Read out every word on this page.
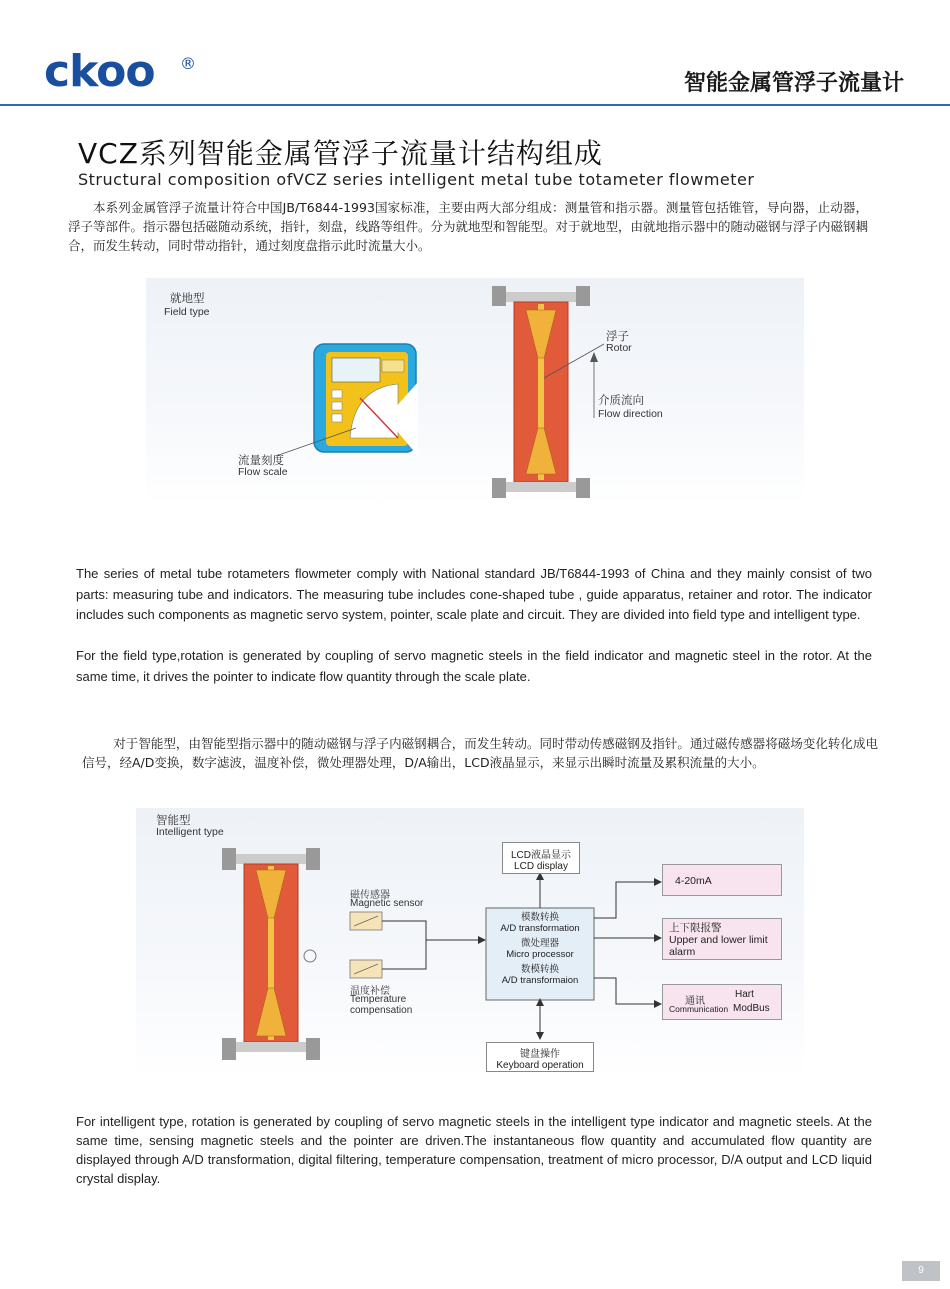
ckoo ®
智能金属管浮子流量计
VCZ系列智能金属管浮子流量计结构组成
Structural composition ofVCZ series intelligent metal tube totameter flowmeter
本系列金属管浮子流量计符合中国JB/T6844-1993国家标准，主要由两大部分组成：测量管和指示器。测量管包括锥管，导向器，止动器，浮子等部件。指示器包括磁随动系统，指针，刻盘，线路等组件。分为就地型和智能型。对于就地型，由就地指示器中的随动磁钢与浮子内磁钢耦合，而发生转动，同时带动指针，通过刻度盘指示此时流量大小。
就地型
Field type
浮子
Rotor
介质流向
Flow direction
流量刻度
Flow scale
The series of metal tube rotameters flowmeter comply with National standard JB/T6844-1993 of China and they mainly consist of two parts: measuring tube and indicators. The measuring tube includes cone-shaped tube , guide apparatus, retainer and rotor. The indicator includes such components as magnetic servo system, pointer, scale plate and circuit. They are divided into field type and intelligent type.
For the field type,rotation is generated by coupling of servo magnetic steels in the field indicator and magnetic steel in the rotor. At the same time, it drives the pointer to indicate flow quantity through the scale plate.
对于智能型，由智能型指示器中的随动磁钢与浮子内磁钢耦合，而发生转动。同时带动传感磁钢及指针。通过磁传感器将磁场变化转化成电信号，经A/D变换，数字滤波，温度补偿，微处理器处理，D/A输出，LCD液晶显示，来显示出瞬时流量及累积流量的大小。
智能型
Intelligent type
磁传感器
Magnetic sensor
温度补偿
Temperature
compensation
LCD液晶显示
LCD display
模数转换
A/D transformation
微处理器
Micro processor
数模转换
A/D transformaion
4-20mA
上下限报警
Upper and lower limit
alarm
通讯
Communication
Hart
ModBus
键盘操作
Keyboard operation
For intelligent type, rotation is generated by coupling of servo magnetic steels in the intelligent type indicator and magnetic steels. At the same time, sensing magnetic steels and the pointer are driven.The instantaneous flow quantity and accumulated flow quantity are displayed through A/D transformation, digital filtering, temperature compensation, treatment of micro processor, D/A output and LCD liquid crystal display.
9
